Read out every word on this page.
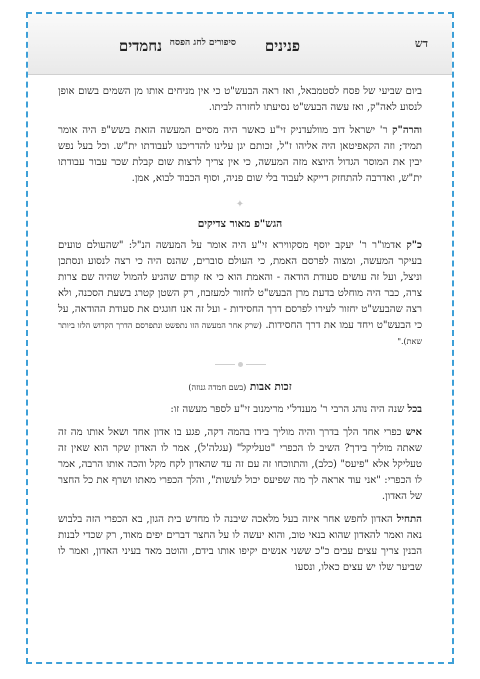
דש
פנינים
סיפורים לחג הפסח
נחמדים

ביום שביעי של פסח לסטמבאל, ואז ראה הבעש"ט כי אין מניחים אותו מן השמים בשום אופן לנסוע לאה"ק, ואז עשה הבעש"ט נסיעתו לחזרה לביתו.

והרה"ק ר' ישראל דוב מוולעדניק זי"ע כאשר היה מסיים המעשה הזאת בשש"פ היה אומר תמיד; וזה הקאפיטאן היה אליהו ז"ל, זכותם יגן עלינו להדריכנו לעבודתו ית"ש. וכל בעל נפש יבין את המוסר הגדול היוצא מזה המעשה, כי אין צריך לרצות שום קבלת שכר עבור עבודתו ית"ש, ואדרבה להתחזק דייקא לעבוד בלי שום פניה, וסוף הכבוד לבוא, אמן.

✦
הגש"פ מאור צדיקים

כ"ק אדמו"ר ר' יעקב יוסף מסקווירא זי"ע היה אומר על המעשה הנ"ל: "שהעולם טועים בעיקר המעשה, ומצוה לפרסם האמת, כי העולם סוברים, שהנס היה כי רצה לנסוע ונסתכן וניצל, ועל זה עושים סעודת הודאה - והאמת הוא כי אז קודם שהגיע להמול שהיה שם צרות צרה, כבר היה מוחלט בדעת מרן הבעש"ט לחזור למעזבוז, רק השטן קטרג בשעת הסכנה, ולא רצה שהבעש"ט יחזור לעירו לפרסם דרך החסידות - ועל זה אנו חוגגים את סעודת ההודאה, על כי הבעש"ט ויחד עמו את דרך החסידות. (שרק אחר המעשה הזו נתפשט ונתפרסם הדרך הקדוש הלזו ביותר שאת)."

זכות אבות (בשם חמדה גנוזה)

בכל שנה היה נוהג הרבי ר' מענדל'י מרימנוב זי"ע לספר מעשה זו:

איש כפרי אחד הלך בדרך והיה מוליך בידו בהמה דקה, פגע בו אדון אחד ושאל אותו מה זה שאתה מוליך בידך? השיב לו הכפרי "טעליקל" (עגלה'ל), אמר לו האדון שקר הוא שאין זה טעליקל אלא "פיעס" (כלב), והתווכחו זה עם זה עד שהאדון לקח מקל והכה אותו הרבה, אמר לו הכפרי: "אני עוד אראה לך מה שפיעס יכול לעשות", והלך הכפרי מאתו ושרף את כל החצר של האדון.

התחיל האדון לחפש אחר איזה בעל מלאכה שיבנה לו מחדש בית הגון, בא הכפרי הזה בלבוש נאה ואמר להאדון שהוא בנאי טוב, והוא יעשה לו על החצר דברים יפים מאוד, רק שכדי לבנות הבנין צריך עצים עבים כ"כ ששני אנשים יקיפו אותו בידם, והוטב מאד בעיני האדון, ואמר לו שביער שלו יש עצים כאלו, ונסעו
